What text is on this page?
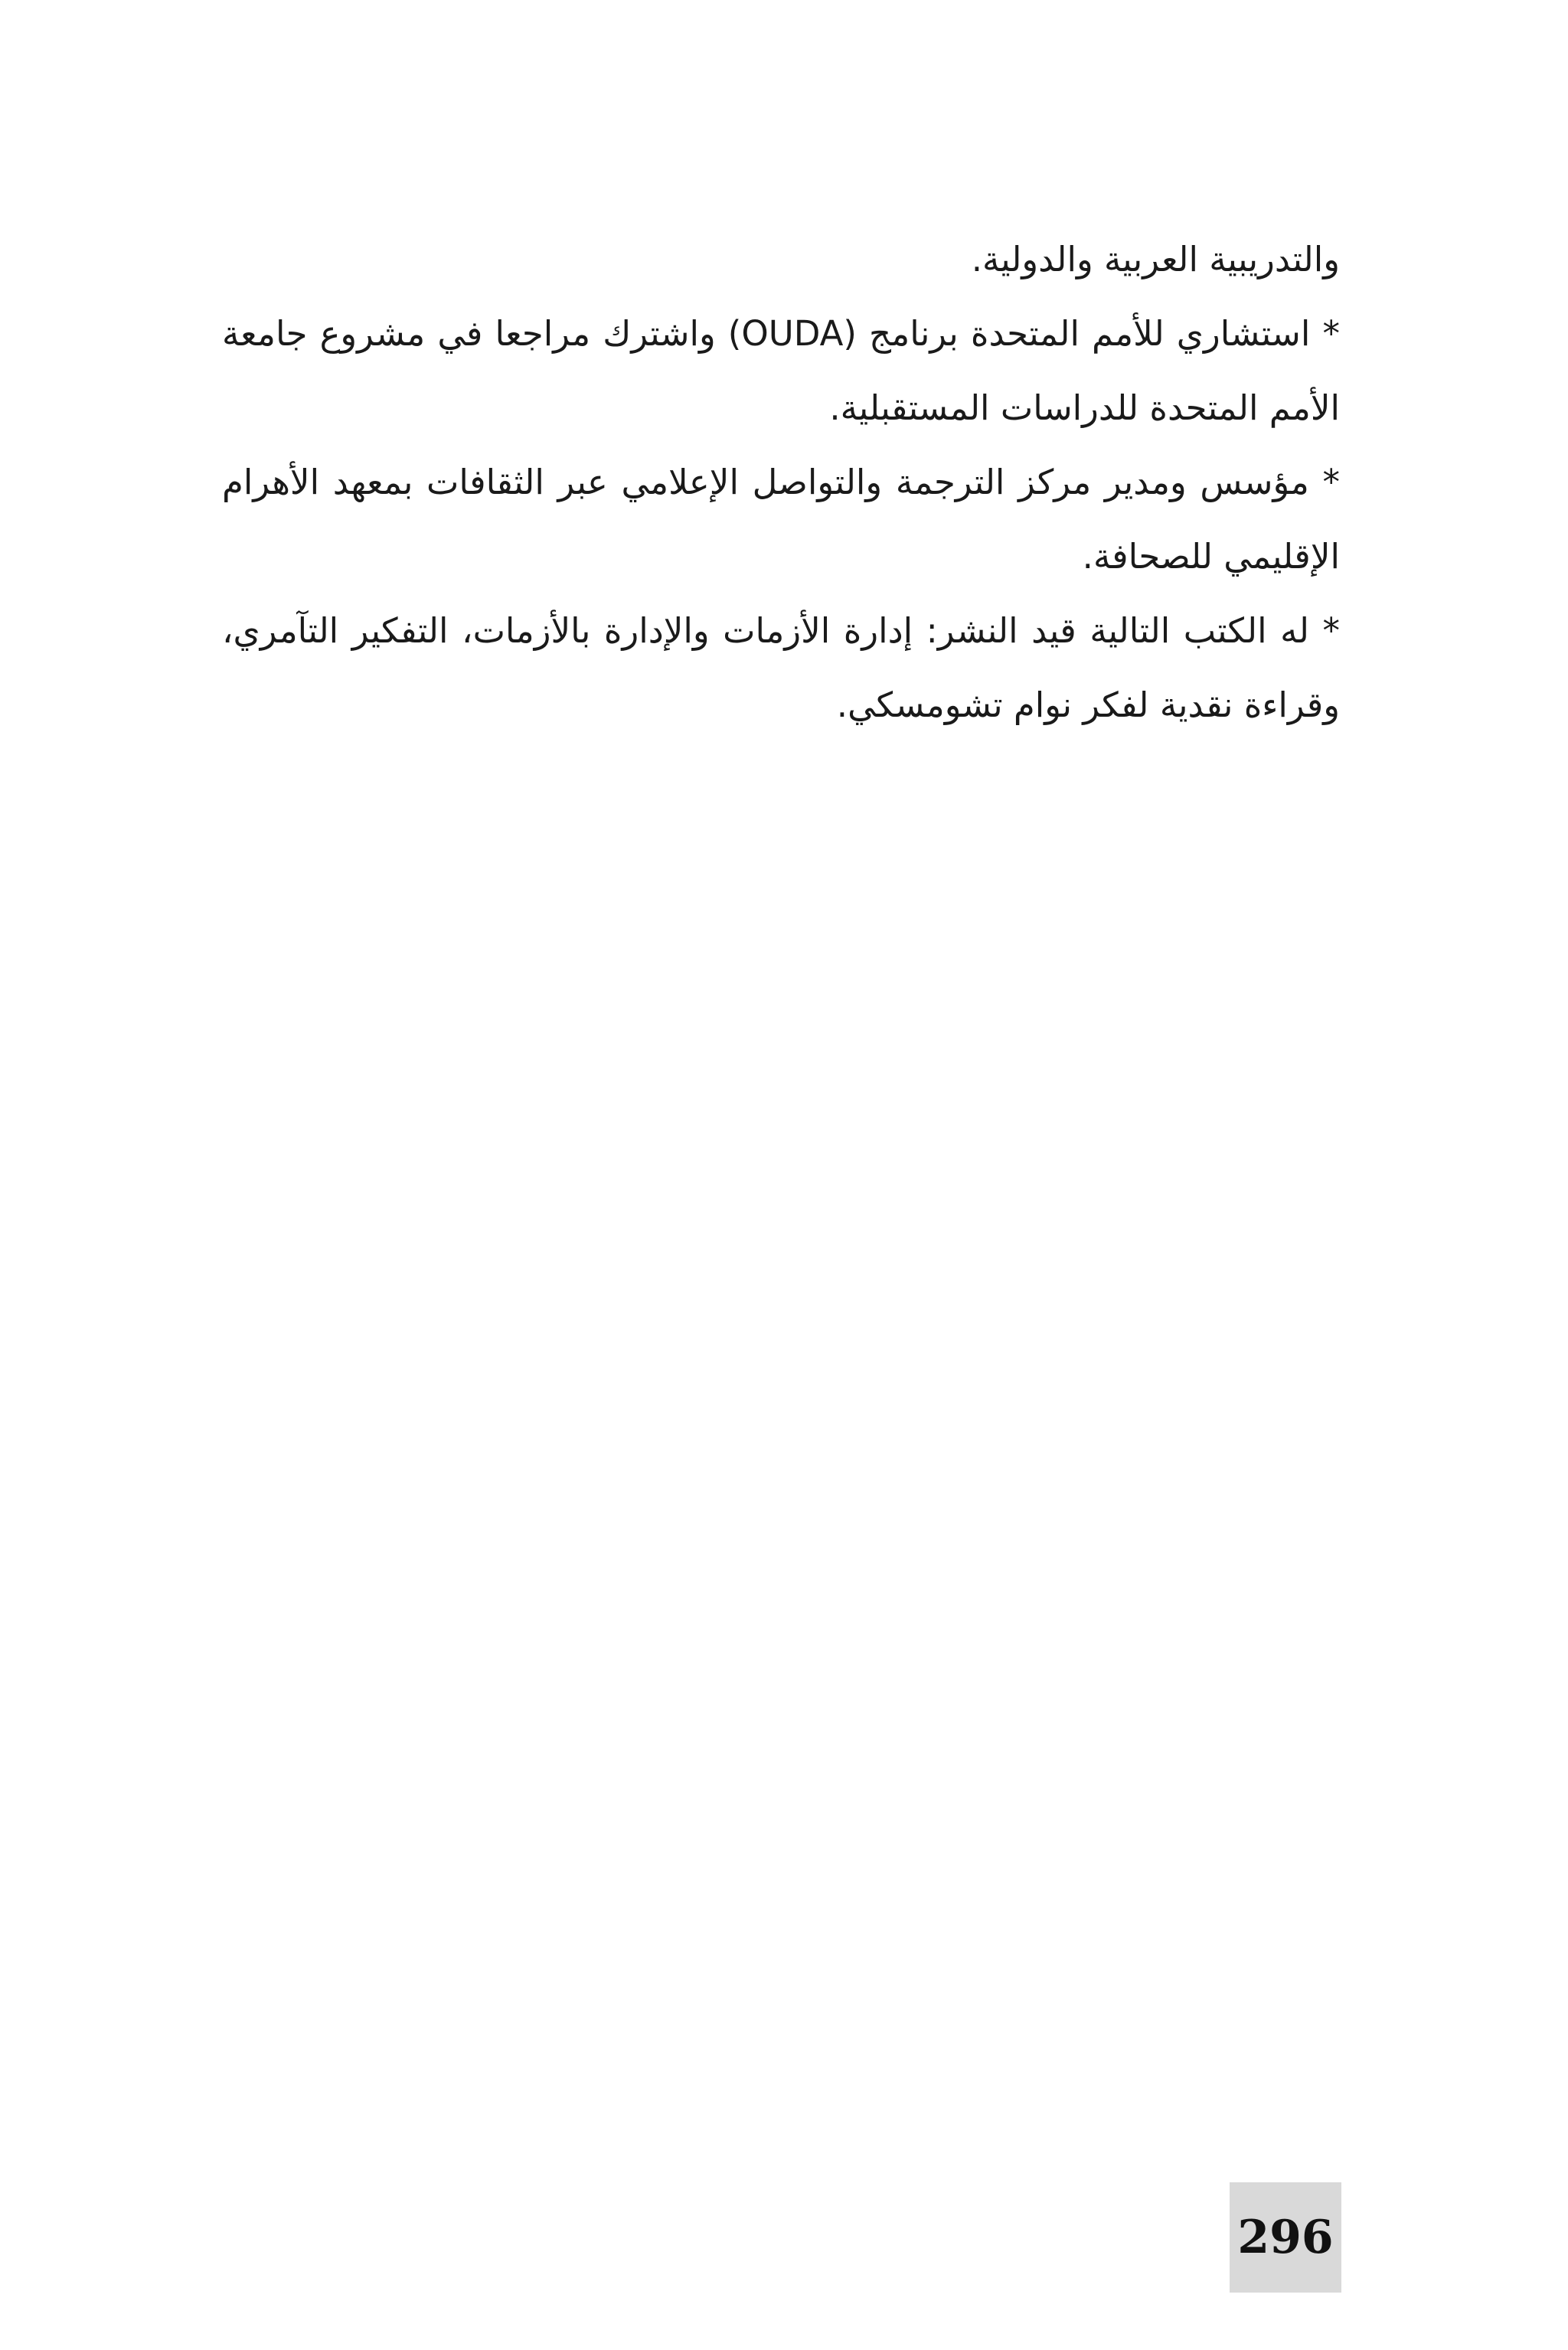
والتدريبية العربية والدولية.

* استشاري للأمم المتحدة برنامج (OUDA) واشترك مراجعا في مشروع جامعة الأمم المتحدة للدراسات المستقبلية.

* مؤسس ومدير مركز الترجمة والتواصل الإعلامي عبر الثقافات بمعهد الأهرام الإقليمي للصحافة.

* له الكتب التالية قيد النشر: إدارة الأزمات والإدارة بالأزمات، التفكير التآمري، وقراءة نقدية لفكر نوام تشومسكي.

296
